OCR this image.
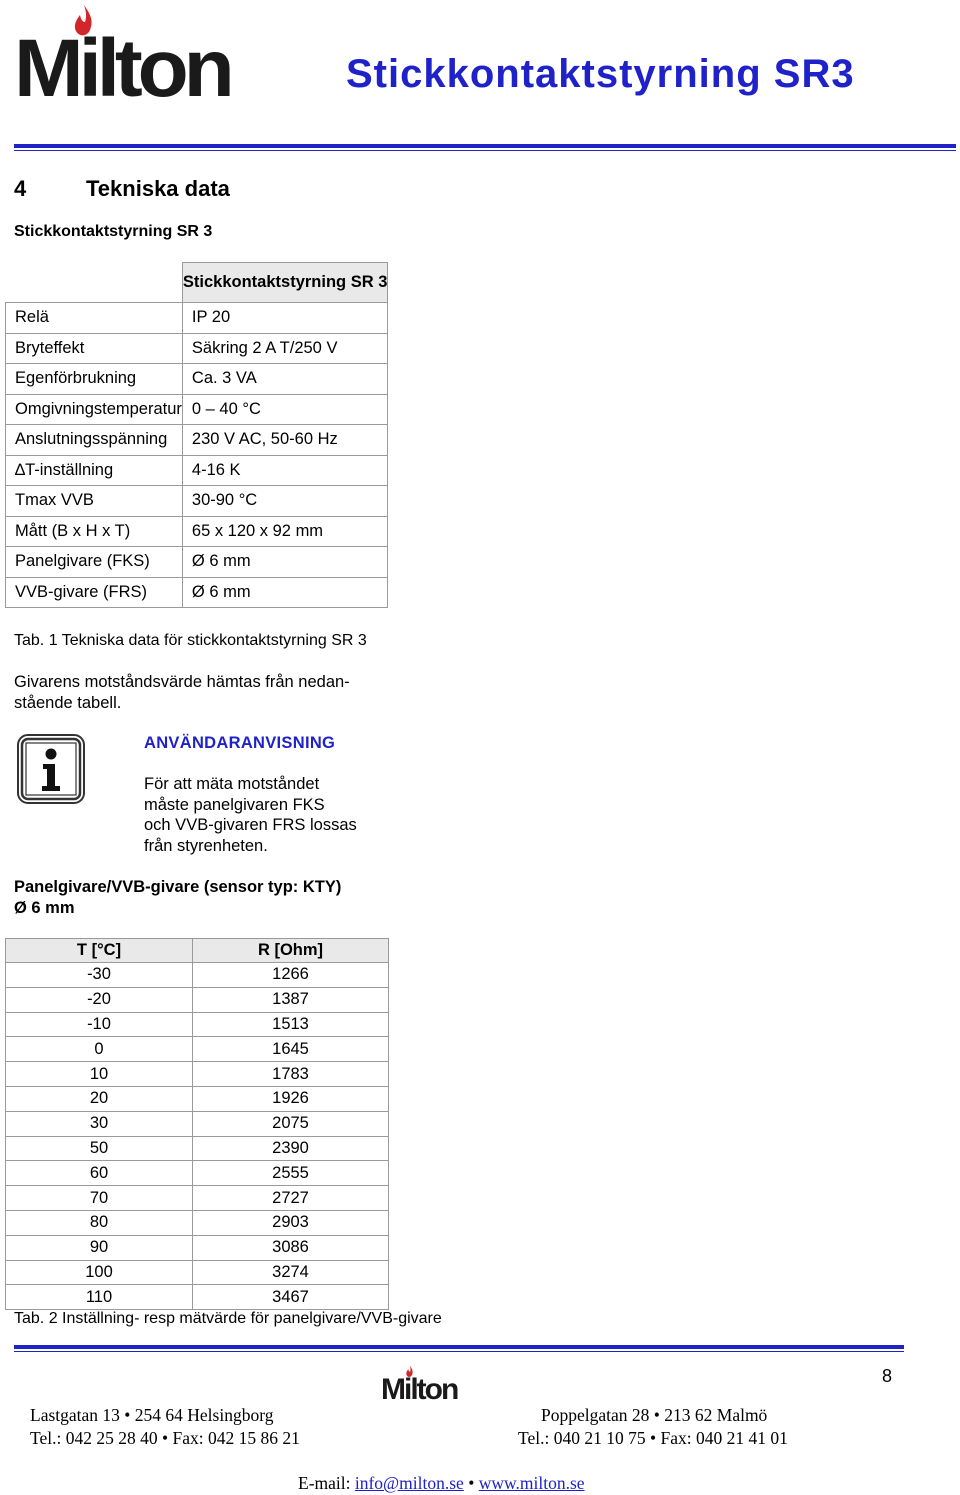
Milton	Stickkontaktstyrning SR3
4	Tekniska data
Stickkontaktstyrning SR 3
	Stickkontaktstyrning SR 3
Relä	IP 20
Bryteffekt	Säkring 2 A T/250 V
Egenförbrukning	Ca. 3 VA
Omgivningstemperatur	0 – 40 °C
Anslutningsspänning	230 V AC, 50-60 Hz
∆T-inställning	4-16 K
Tmax VVB	30-90 °C
Mått (B x H x T)	65 x 120 x 92 mm
Panelgivare (FKS)	Ø 6 mm
VVB-givare (FRS)	Ø 6 mm
Tab. 1 Tekniska data för stickkontaktstyrning SR 3
Givarens motståndsvärde hämtas från nedan-
stående tabell.
ANVÄNDARANVISNING
För att mäta motståndet
måste panelgivaren FKS
och VVB-givaren FRS lossas
från styrenheten.
Panelgivare/VVB-givare (sensor typ: KTY)
Ø 6 mm
T [°C]	R [Ohm]
-30	1266
-20	1387
-10	1513
0	1645
10	1783
20	1926
30	2075
50	2390
60	2555
70	2727
80	2903
90	3086
100	3274
110	3467
Tab. 2 Inställning- resp mätvärde för panelgivare/VVB-givare
Milton	8
Lastgatan 13 • 254 64 Helsingborg
Tel.: 042 25 28 40 • Fax: 042 15 86 21
Poppelgatan 28 • 213 62 Malmö
Tel.: 040 21 10 75 • Fax: 040 21 41 01
E-mail: info@milton.se • www.milton.se
